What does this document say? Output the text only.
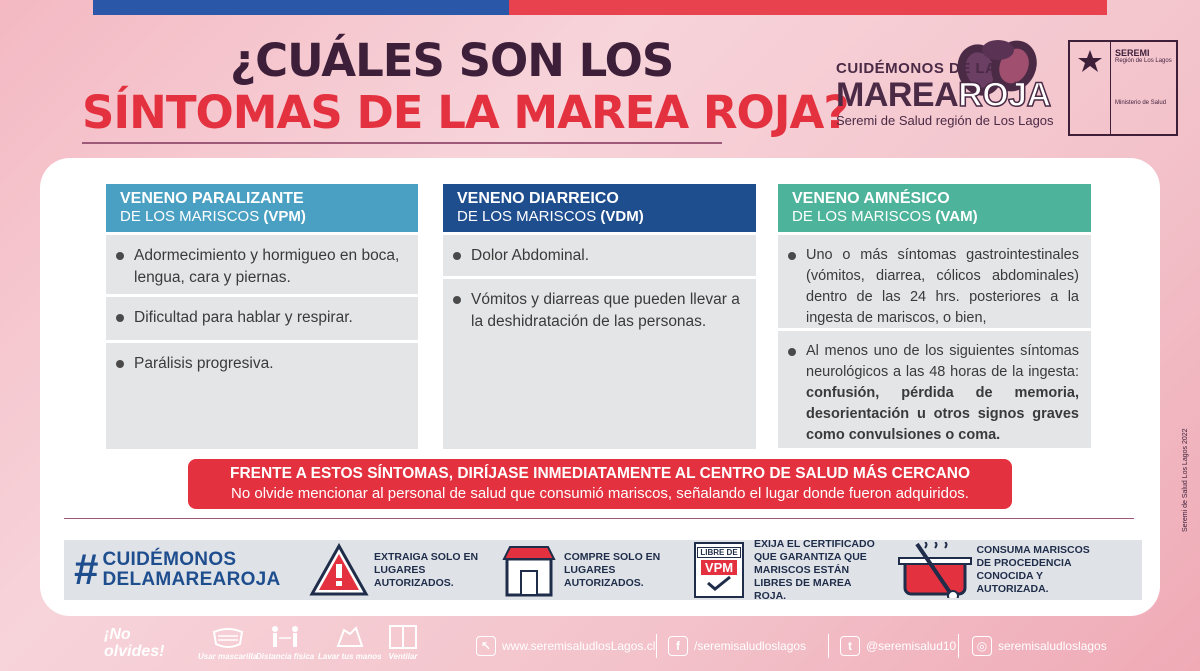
¿CUÁLES SON LOS
SÍNTOMAS DE LA MAREA ROJA?
CUIDÉMONOS DE LA
MAREAROJA
Seremi de Salud región de Los Lagos
SEREMI
Región de Los Lagos
Ministerio de Salud
VENENO PARALIZANTE
DE LOS MARISCOS (VPM)
Adormecimiento y hormigueo en boca, lengua, cara y piernas.
Dificultad para hablar y respirar.
Parálisis progresiva.
VENENO DIARREICO
DE LOS MARISCOS (VDM)
Dolor Abdominal.
Vómitos y diarreas que pueden llevar a la deshidratación de las personas.
VENENO AMNÉSICO
DE LOS MARISCOS (VAM)
Uno o más síntomas gastrointestinales (vómitos, diarrea, cólicos abdominales) dentro de las 24 hrs. posteriores a la ingesta de mariscos, o bien,
Al menos uno de los siguientes síntomas neurológicos a las 48 horas de la ingesta: confusión, pérdida de memoria, desorientación u otros signos graves como convulsiones o coma.
FRENTE A ESTOS SÍNTOMAS, DIRÍJASE INMEDIATAMENTE AL CENTRO DE SALUD MÁS CERCANO
No olvide mencionar al personal de salud que consumió mariscos, señalando el lugar donde fueron adquiridos.
# CUIDÉMONOS
DELAMAREAROJA
EXTRAIGA SOLO EN LUGARES AUTORIZADOS.
COMPRE SOLO EN LUGARES AUTORIZADOS.
LIBRE DE
VPM
EXIJA EL CERTIFICADO QUE GARANTIZA QUE MARISCOS ESTÁN LIBRES DE MAREA ROJA.
CONSUMA MARISCOS DE PROCEDENCIA CONOCIDA Y AUTORIZADA.
¡No olvides!	Usar mascarilla
Distancia física Lavar tus manos Ventilar
↖ www.seremisaludlosLagos.cl	f	/seremisaludloslagos	t	@seremisalud10	◎ seremisaludloslagos
Seremi de Salud Los Lagos 2022
